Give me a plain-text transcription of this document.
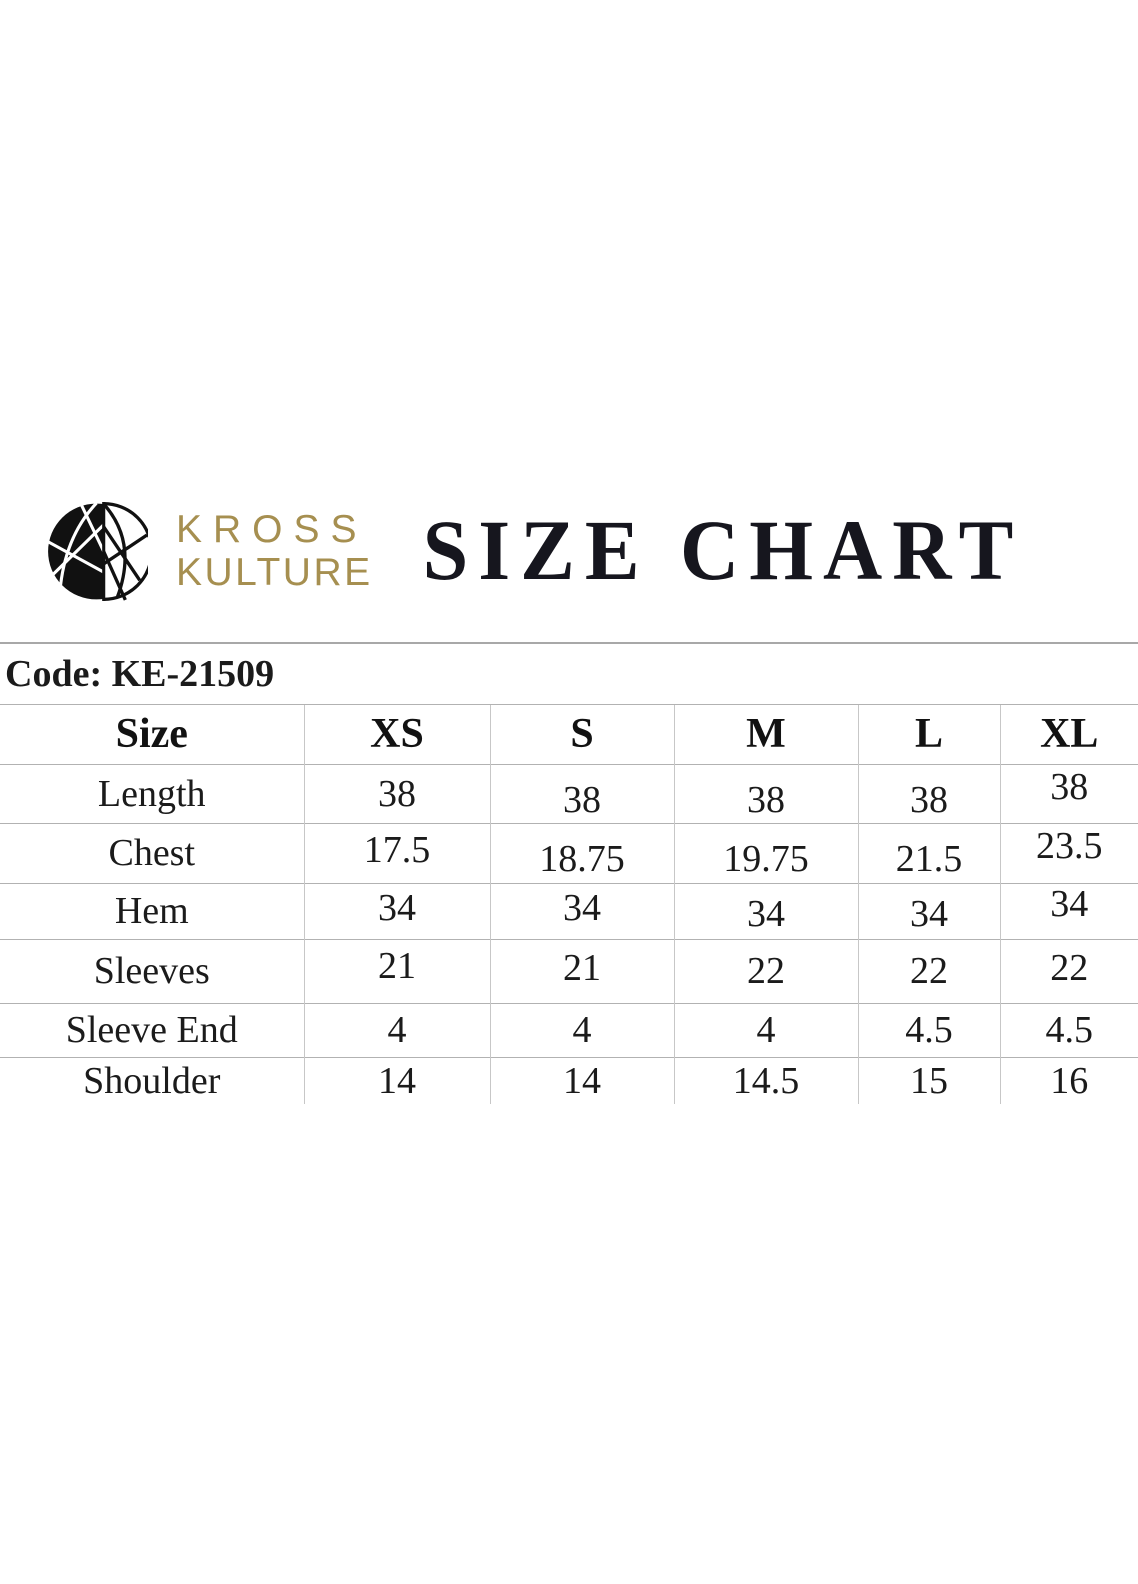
KROSS
KULTURE SIZE CHART
Code: KE-21509					
Size	XS	S	M	L	XL
Length	38	38	38	38	38
Chest	17.5	18.75	19.75	21.5	23.5
Hem	34	34	34	34	34
Sleeves	21	21	22	22	22
Sleeve End	4	4	4	4.5	4.5
Shoulder	14	14	14.5	15	16
